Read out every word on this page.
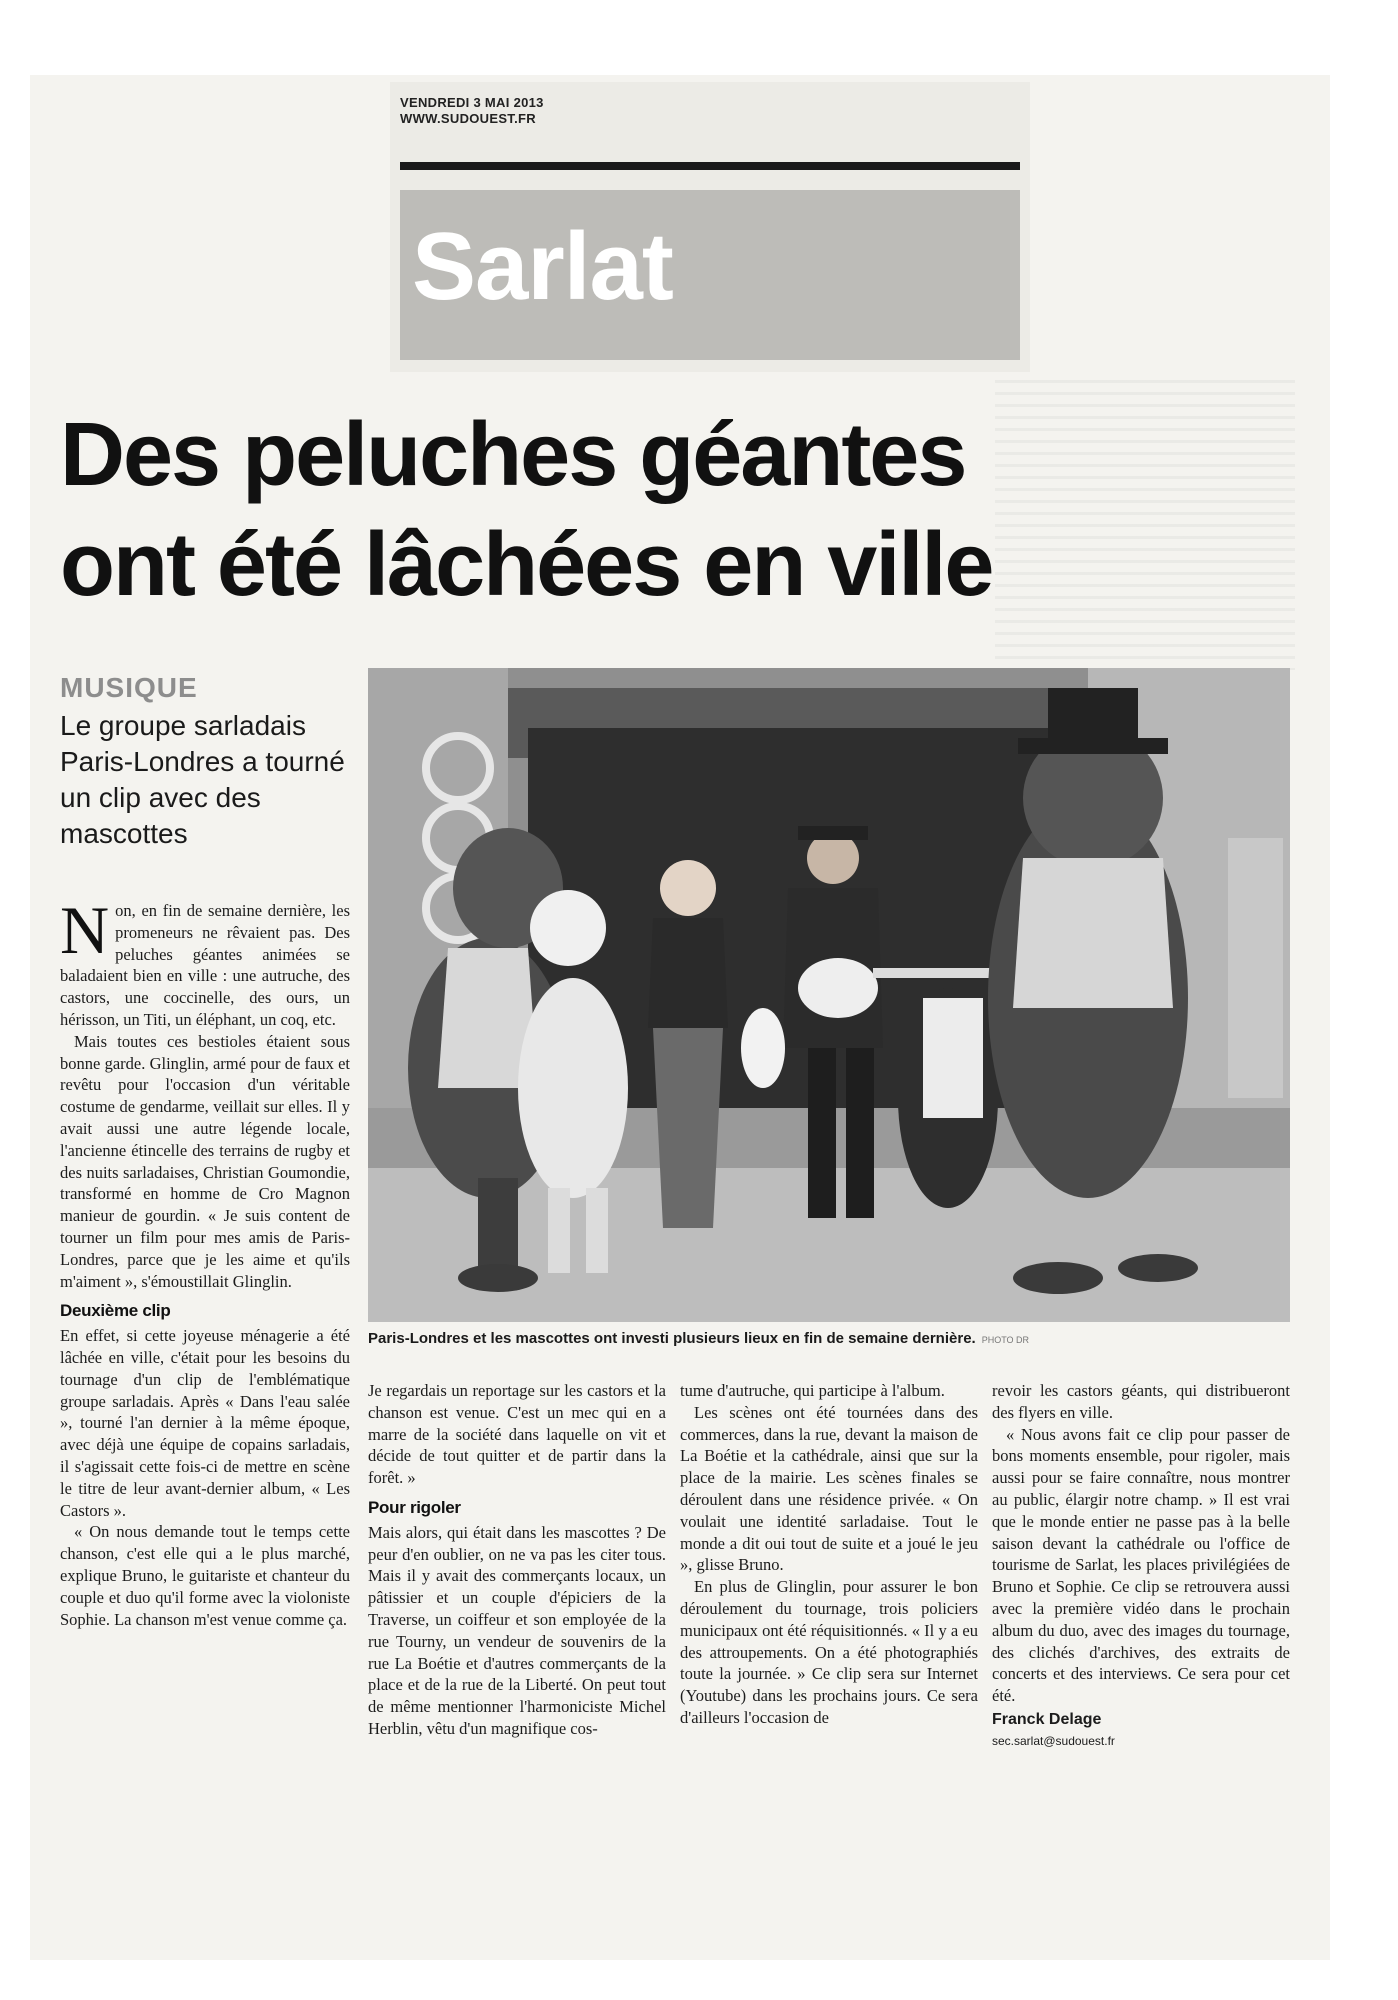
VENDREDI 3 MAI 2013
WWW.SUDOUEST.FR
Sarlat
Des peluches géantes
ont été lâchées en ville
MUSIQUE
Le groupe sarladais Paris-Londres a tourné un clip avec des mascottes
Paris-Londres et les mascottes ont investi plusieurs lieux en fin de semaine dernière. PHOTO DR

Non, en fin de semaine dernière, les promeneurs ne rêvaient pas. Des peluches géantes animées se baladaient bien en ville : une autruche, des castors, une coccinelle, des ours, un hérisson, un Titi, un éléphant, un coq, etc.

Mais toutes ces bestioles étaient sous bonne garde. Glinglin, armé pour de faux et revêtu pour l'occasion d'un véritable costume de gendarme, veillait sur elles. Il y avait aussi une autre légende locale, l'ancienne étincelle des terrains de rugby et des nuits sarladaises, Christian Goumondie, transformé en homme de Cro Magnon manieur de gourdin. « Je suis content de tourner un film pour mes amis de Paris-Londres, parce que je les aime et qu'ils m'aiment », s'émoustillait Glinglin.

Deuxième clip

En effet, si cette joyeuse ménagerie a été lâchée en ville, c'était pour les besoins du tournage d'un clip de l'emblématique groupe sarladais. Après « Dans l'eau salée », tourné l'an dernier à la même époque, avec déjà une équipe de copains sarladais, il s'agissait cette fois-ci de mettre en scène le titre de leur avant-dernier album, « Les Castors ».

« On nous demande tout le temps cette chanson, c'est elle qui a le plus marché, explique Bruno, le guitariste et chanteur du couple et duo qu'il forme avec la violoniste Sophie. La chanson m'est venue comme ça.

Je regardais un reportage sur les castors et la chanson est venue. C'est un mec qui en a marre de la société dans laquelle on vit et décide de tout quitter et de partir dans la forêt. »

Pour rigoler

Mais alors, qui était dans les mascottes ? De peur d'en oublier, on ne va pas les citer tous. Mais il y avait des commerçants locaux, un pâtissier et un couple d'épiciers de la Traverse, un coiffeur et son employée de la rue Tourny, un vendeur de souvenirs de la rue La Boétie et d'autres commerçants de la place et de la rue de la Liberté. On peut tout de même mentionner l'harmoniciste Michel Herblin, vêtu d'un magnifique cos-

tume d'autruche, qui participe à l'album.

Les scènes ont été tournées dans des commerces, dans la rue, devant la maison de La Boétie et la cathédrale, ainsi que sur la place de la mairie. Les scènes finales se déroulent dans une résidence privée. « On voulait une identité sarladaise. Tout le monde a dit oui tout de suite et a joué le jeu », glisse Bruno.

En plus de Glinglin, pour assurer le bon déroulement du tournage, trois policiers municipaux ont été réquisitionnés. « Il y a eu des attroupements. On a été photographiés toute la journée. » Ce clip sera sur Internet (Youtube) dans les prochains jours. Ce sera d'ailleurs l'occasion de

revoir les castors géants, qui distribueront des flyers en ville.

« Nous avons fait ce clip pour passer de bons moments ensemble, pour rigoler, mais aussi pour se faire connaître, nous montrer au public, élargir notre champ. » Il est vrai que le monde entier ne passe pas à la belle saison devant la cathédrale ou l'office de tourisme de Sarlat, les places privilégiées de Bruno et Sophie. Ce clip se retrouvera aussi avec la première vidéo dans le prochain album du duo, avec des images du tournage, des clichés d'archives, des extraits de concerts et des interviews. Ce sera pour cet été.

Franck Delage
sec.sarlat@sudouest.fr
